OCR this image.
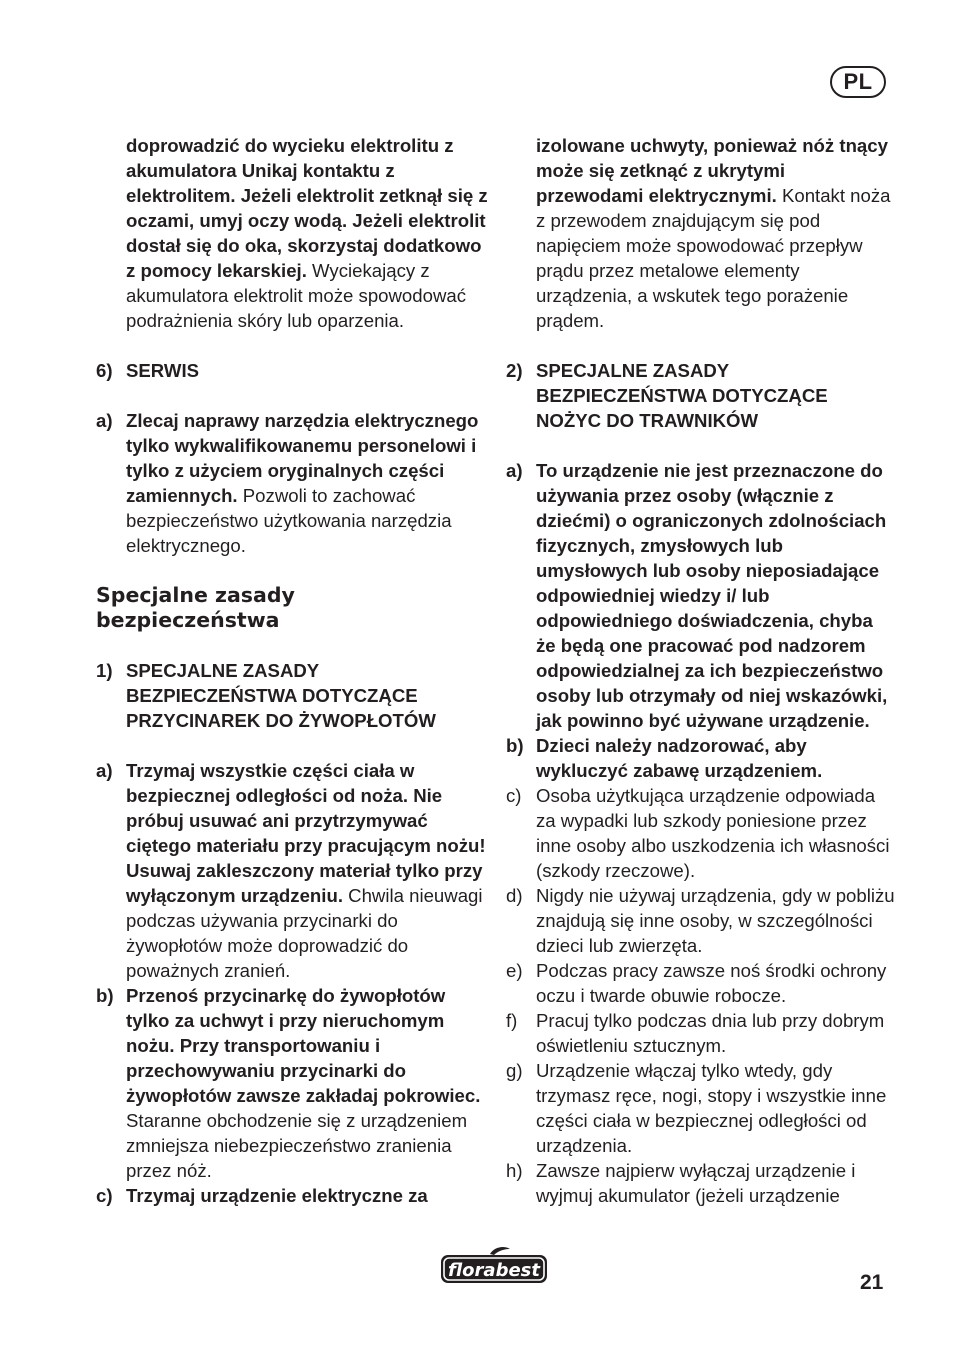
PL

doprowadzić do wycieku elektrolitu z akumulatora Unikaj kontaktu z elektrolitem. Jeżeli elektrolit zetknął się z oczami, umyj oczy wodą. Jeżeli elektrolit dostał się do oka, skorzystaj dodatkowo z pomocy lekarskiej. Wyciekający z akumulatora elektrolit może spowodować podrażnienia skóry lub oparzenia.

6) SERWIS

a) Zlecaj naprawy narzędzia elektrycznego tylko wykwalifikowanemu personelowi i tylko z użyciem oryginalnych części zamiennych. Pozwoli to zachować bezpieczeństwo użytkowania narzędzia elektrycznego.

Specjalne zasady bezpieczeństwa

1) SPECJALNE ZASADY BEZPIECZEŃSTWA DOTYCZĄCE PRZYCINAREK DO ŻYWOPŁOTÓW

a) Trzymaj wszystkie części ciała w bezpiecznej odległości od noża. Nie próbuj usuwać ani przytrzymywać ciętego materiału przy pracującym nożu! Usuwaj zakleszczony materiał tylko przy wyłączonym urządzeniu. Chwila nieuwagi podczas używania przycinarki do żywopłotów może doprowadzić do poważnych zranień.

b) Przenoś przycinarkę do żywopłotów tylko za uchwyt i przy nieruchomym nożu. Przy transportowaniu i przechowywaniu przycinarki do żywopłotów zawsze zakładaj pokrowiec. Staranne obchodzenie się z urządzeniem zmniejsza niebezpieczeństwo zranienia przez nóż.

c) Trzymaj urządzenie elektryczne za

izolowane uchwyty, ponieważ nóż tnący może się zetknąć z ukrytymi przewodami elektrycznymi. Kontakt noża z przewodem znajdującym się pod napięciem może spowodować przepływ prądu przez metalowe elementy urządzenia, a wskutek tego porażenie prądem.

2) SPECJALNE ZASADY BEZPIECZEŃSTWA DOTYCZĄCE NOŻYC DO TRAWNIKÓW

a) To urządzenie nie jest przeznaczone do używania przez osoby (włącznie z dziećmi) o ograniczonych zdolnościach fizycznych, zmysłowych lub umysłowych lub osoby nieposiadające odpowiedniej wiedzy i/ lub odpowiedniego doświadczenia, chyba że będą one pracować pod nadzorem odpowiedzialnej za ich bezpieczeństwo osoby lub otrzymały od niej wskazówki, jak powinno być używane urządzenie.

b) Dzieci należy nadzorować, aby wykluczyć zabawę urządzeniem.

c) Osoba użytkująca urządzenie odpowiada za wypadki lub szkody poniesione przez inne osoby albo uszkodzenia ich własności (szkody rzeczowe).

d) Nigdy nie używaj urządzenia, gdy w pobliżu znajdują się inne osoby, w szczególności dzieci lub zwierzęta.

e) Podczas pracy zawsze noś środki ochrony oczu i twarde obuwie robocze.

f) Pracuj tylko podczas dnia lub przy dobrym oświetleniu sztucznym.

g) Urządzenie włączaj tylko wtedy, gdy trzymasz ręce, nogi, stopy i wszystkie inne części ciała w bezpiecznej odległości od urządzenia.

h) Zawsze najpierw wyłączaj urządzenie i wyjmuj akumulator (jeżeli urządzenie

florabest
21
